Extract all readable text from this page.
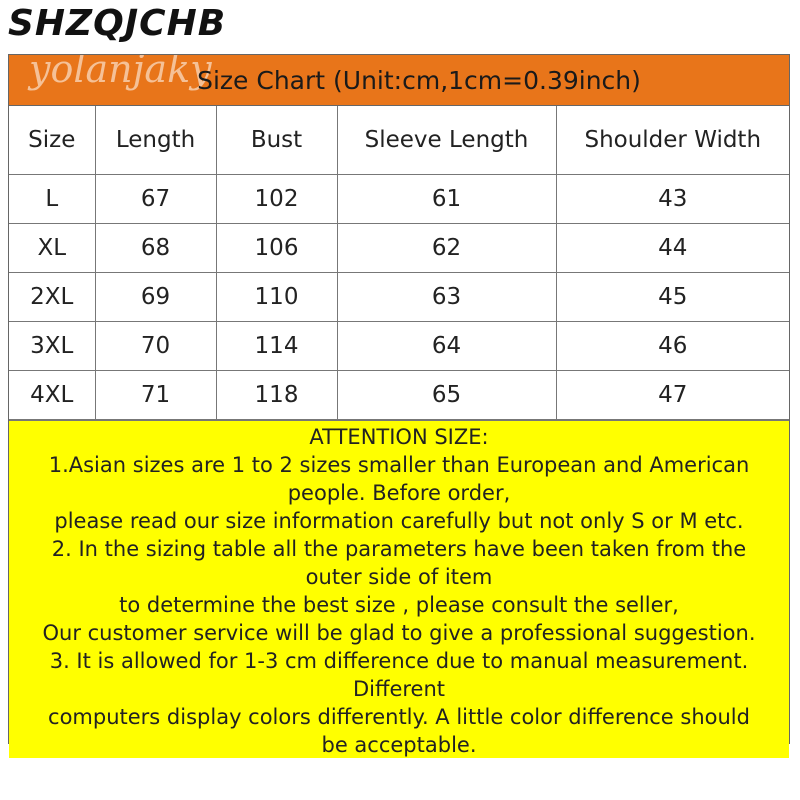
SHZQJCHB
yolanjaky
Size Chart (Unit:cm,1cm=0.39inch)
Size	Length	Bust	Sleeve Length	Shoulder Width
L	67	102	61	43
XL	68	106	62	44
2XL	69	110	63	45
3XL	70	114	64	46
4XL	71	118	65	47
ATTENTION SIZE:
1.Asian sizes are 1 to 2 sizes smaller than European and American
people. Before order,
please read our size information carefully but not only S or M etc.
2. In the sizing table all the parameters have been taken from the
outer side of item
to determine the best size , please consult the seller,
Our customer service will be glad to give a professional suggestion.
3. It is allowed for 1-3 cm difference due to manual measurement.
Different
computers display colors differently. A little color difference should
be acceptable.
